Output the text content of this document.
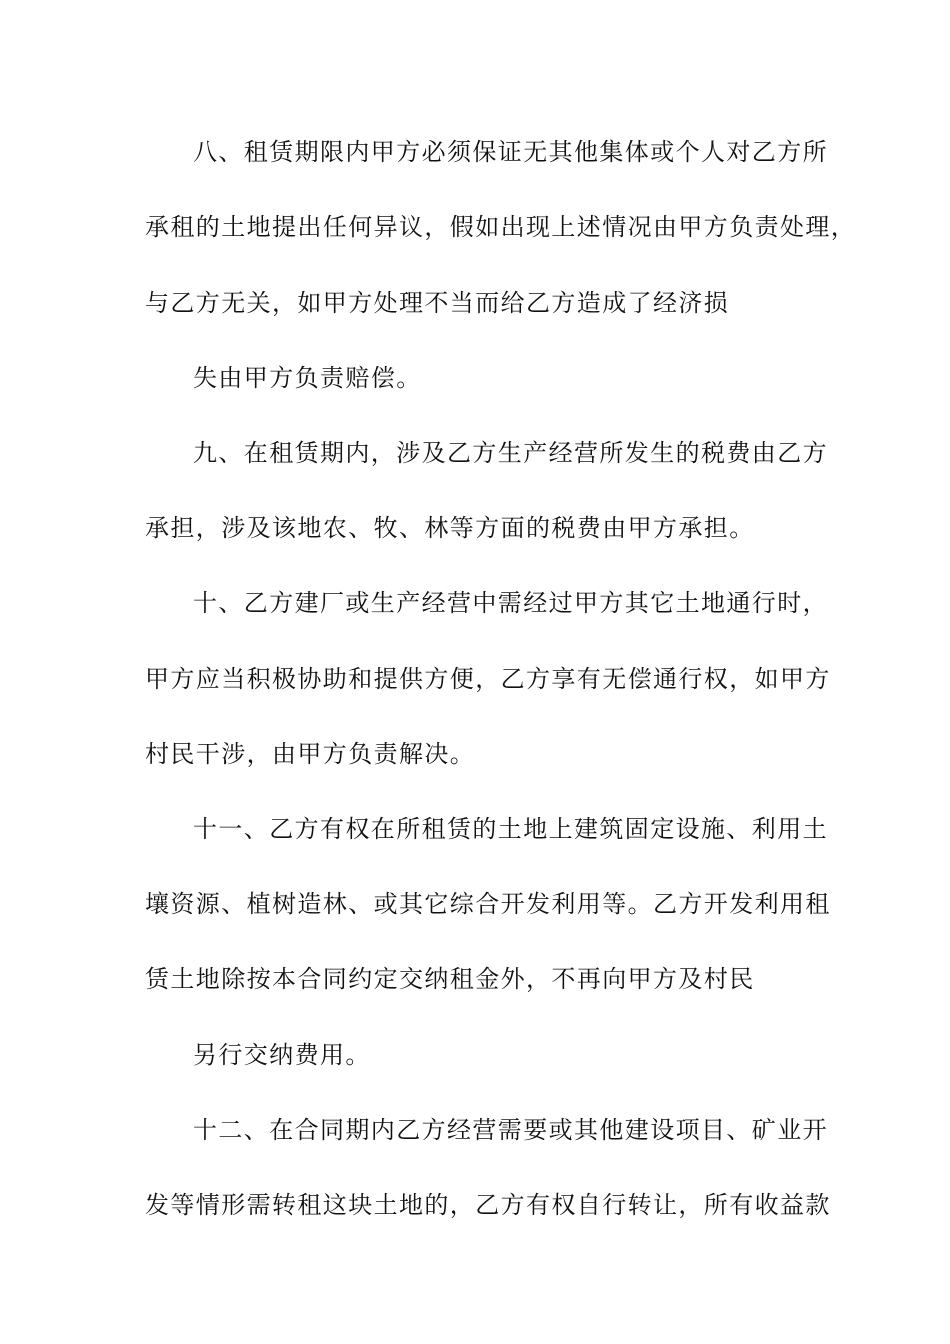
八、租赁期限内甲方必须保证无其他集体或个人对乙方所
承租的土地提出任何异议，假如出现上述情况由甲方负责处理，
与乙方无关，如甲方处理不当而给乙方造成了经济损
失由甲方负责赔偿。
九、在租赁期内，涉及乙方生产经营所发生的税费由乙方
承担，涉及该地农、牧、林等方面的税费由甲方承担。
十、乙方建厂或生产经营中需经过甲方其它土地通行时，
甲方应当积极协助和提供方便，乙方享有无偿通行权，如甲方
村民干涉，由甲方负责解决。
十一、乙方有权在所租赁的土地上建筑固定设施、利用土
壤资源、植树造林、或其它综合开发利用等。乙方开发利用租
赁土地除按本合同约定交纳租金外，不再向甲方及村民
另行交纳费用。
十二、在合同期内乙方经营需要或其他建设项目、矿业开
发等情形需转租这块土地的，乙方有权自行转让，所有收益款
